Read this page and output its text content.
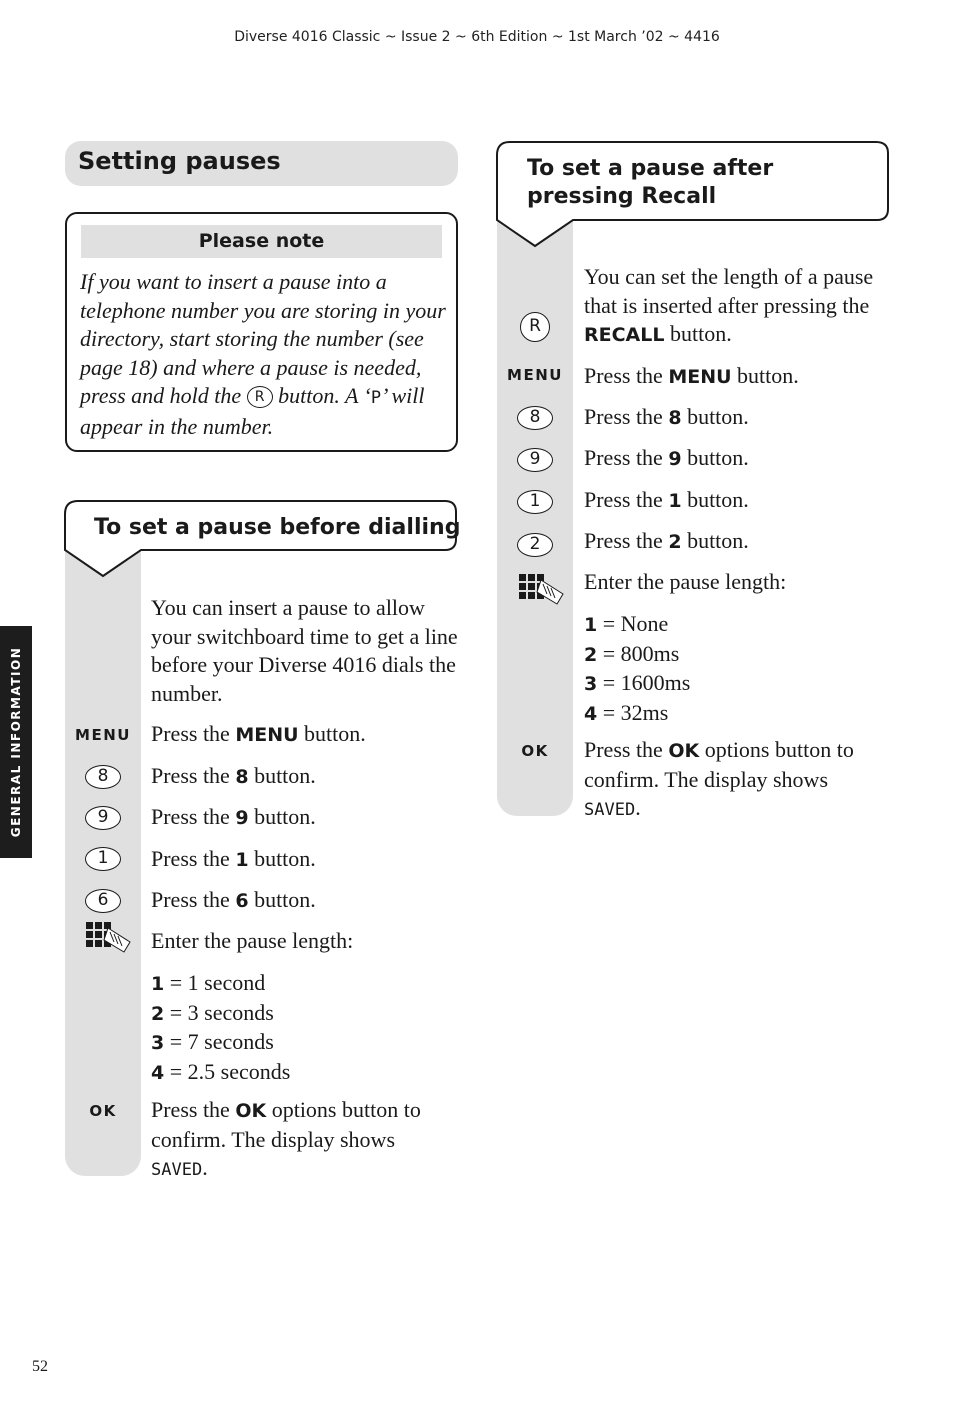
Diverse 4016 Classic ~ Issue 2 ~ 6th Edition ~ 1st March ’02 ~ 4416
GENERAL INFORMATION
Setting pauses
Please note
If you want to insert a pause into a telephone number you are storing in your directory, start storing the number (see page 18) and where a pause is needed, press and hold the R button. A ‘P’ will appear in the number.
To set a pause before dialling
You can insert a pause to allow your switchboard time to get a line before your Diverse 4016 dials the number.
MENU
8
9
1
6
OK
Press the MENU button.
Press the 8 button.
Press the 9 button.
Press the 1 button.
Press the 6 button.
Enter the pause length:
1 = 1 second
2 = 3 seconds
3 = 7 seconds
4 = 2.5 seconds
Press the OK options button to confirm. The display shows SAVED.
To set a pause after pressing Recall
You can set the length of a pause that is inserted after pressing the RECALL button.
R
MENU
8
9
1
2
OK
Press the MENU button.
Press the 8 button.
Press the 9 button.
Press the 1 button.
Press the 2 button.
Enter the pause length:
1 = None
2 = 800ms
3 = 1600ms
4 = 32ms
Press the OK options button to confirm. The display shows SAVED.
52
